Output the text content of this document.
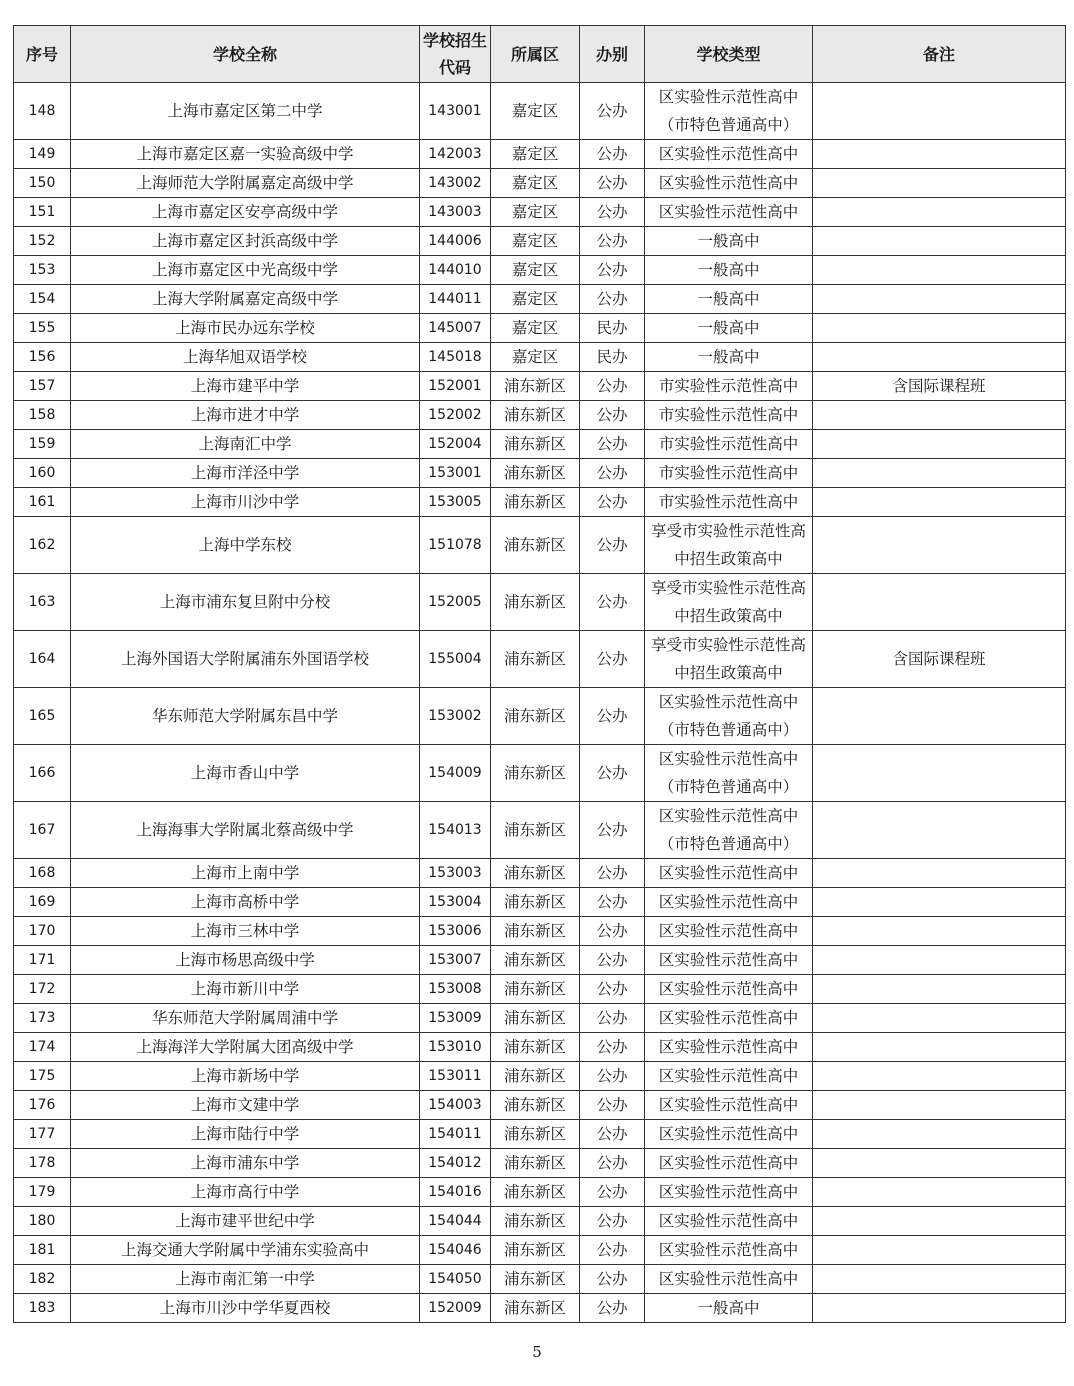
序号	学校全称	学校招生代码	所属区	办别	学校类型	备注
148	上海市嘉定区第二中学	143001	嘉定区	公办	区实验性示范性高中（市特色普通高中）	
149	上海市嘉定区嘉一实验高级中学	142003	嘉定区	公办	区实验性示范性高中	
150	上海师范大学附属嘉定高级中学	143002	嘉定区	公办	区实验性示范性高中	
151	上海市嘉定区安亭高级中学	143003	嘉定区	公办	区实验性示范性高中	
152	上海市嘉定区封浜高级中学	144006	嘉定区	公办	一般高中	
153	上海市嘉定区中光高级中学	144010	嘉定区	公办	一般高中	
154	上海大学附属嘉定高级中学	144011	嘉定区	公办	一般高中	
155	上海市民办远东学校	145007	嘉定区	民办	一般高中	
156	上海华旭双语学校	145018	嘉定区	民办	一般高中	
157	上海市建平中学	152001	浦东新区	公办	市实验性示范性高中	含国际课程班
158	上海市进才中学	152002	浦东新区	公办	市实验性示范性高中	
159	上海南汇中学	152004	浦东新区	公办	市实验性示范性高中	
160	上海市洋泾中学	153001	浦东新区	公办	市实验性示范性高中	
161	上海市川沙中学	153005	浦东新区	公办	市实验性示范性高中	
162	上海中学东校	151078	浦东新区	公办	享受市实验性示范性高中招生政策高中	
163	上海市浦东复旦附中分校	152005	浦东新区	公办	享受市实验性示范性高中招生政策高中	
164	上海外国语大学附属浦东外国语学校	155004	浦东新区	公办	享受市实验性示范性高中招生政策高中	含国际课程班
165	华东师范大学附属东昌中学	153002	浦东新区	公办	区实验性示范性高中（市特色普通高中）	
166	上海市香山中学	154009	浦东新区	公办	区实验性示范性高中（市特色普通高中）	
167	上海海事大学附属北蔡高级中学	154013	浦东新区	公办	区实验性示范性高中（市特色普通高中）	
168	上海市上南中学	153003	浦东新区	公办	区实验性示范性高中	
169	上海市高桥中学	153004	浦东新区	公办	区实验性示范性高中	
170	上海市三林中学	153006	浦东新区	公办	区实验性示范性高中	
171	上海市杨思高级中学	153007	浦东新区	公办	区实验性示范性高中	
172	上海市新川中学	153008	浦东新区	公办	区实验性示范性高中	
173	华东师范大学附属周浦中学	153009	浦东新区	公办	区实验性示范性高中	
174	上海海洋大学附属大团高级中学	153010	浦东新区	公办	区实验性示范性高中	
175	上海市新场中学	153011	浦东新区	公办	区实验性示范性高中	
176	上海市文建中学	154003	浦东新区	公办	区实验性示范性高中	
177	上海市陆行中学	154011	浦东新区	公办	区实验性示范性高中	
178	上海市浦东中学	154012	浦东新区	公办	区实验性示范性高中	
179	上海市高行中学	154016	浦东新区	公办	区实验性示范性高中	
180	上海市建平世纪中学	154044	浦东新区	公办	区实验性示范性高中	
181	上海交通大学附属中学浦东实验高中	154046	浦东新区	公办	区实验性示范性高中	
182	上海市南汇第一中学	154050	浦东新区	公办	区实验性示范性高中	
183	上海市川沙中学华夏西校	152009	浦东新区	公办	一般高中	
5
